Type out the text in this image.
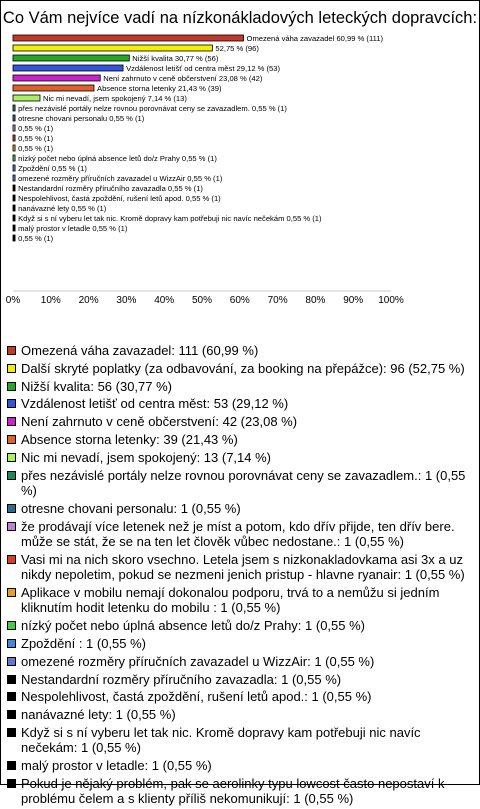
Co Vám nejvíce vadí na nízkonákladových leteckých dopravcích:
Omezená váha zavazadel 60,99 % (111)
52,75 % (96)
Nižší kvalita 30,77 % (56)
Vzdálenost letišť od centra měst 29,12 % (53)
Není zahrnuto v ceně občerstvení 23,08 % (42)
Absence storna letenky 21,43 % (39)
Nic mi nevadí, jsem spokojený 7,14 % (13)
přes nezávislé portály nelze rovnou porovnávat ceny se zavazadlem. 0,55 % (1)
otresne chovani personalu 0,55 % (1)
0,55 % (1)
0,55 % (1)
0,55 % (1)
nízký počet nebo úplná absence letů do/z Prahy 0,55 % (1)
Zpoždění 0,55 % (1)
omezené rozměry příručních zavazadel u WizzAir 0,55 % (1)
Nestandardní rozměry příručního zavazadla 0,55 % (1)
Nespolehlivost, častá zpoždění, rušení letů apod. 0,55 % (1)
nanávazné lety 0,55 % (1)
Když si s ní vyberu let tak nic. Kromě dopravy kam potřebuji nic navíc nečekám 0,55 % (1)
malý prostor v letadle 0,55 % (1)
0,55 % (1)
0% 10% 20% 30% 40% 50% 60% 70% 80% 90% 100%
Omezená váha zavazadel: 111 (60,99 %)
Další skryté poplatky (za odbavování, za booking na přepážce): 96 (52,75 %)
Nižší kvalita: 56 (30,77 %)
Vzdálenost letišť od centra měst: 53 (29,12 %)
Není zahrnuto v ceně občerstvení: 42 (23,08 %)
Absence storna letenky: 39 (21,43 %)
Nic mi nevadí, jsem spokojený: 13 (7,14 %)
přes nezávislé portály nelze rovnou porovnávat ceny se zavazadlem.: 1 (0,55 %)
otresne chovani personalu: 1 (0,55 %)
že prodávají více letenek než je míst a potom, kdo dřív přijde, ten dřív bere. může se stát, že se na ten let člověk vůbec nedostane.: 1 (0,55 %)
Vasi mi na nich skoro vsechno. Letela jsem s nizkonakladovkama asi 3x a uz nikdy nepoletim, pokud se nezmeni jenich pristup - hlavne ryanair: 1 (0,55 %)
Aplikace v mobilu nemají dokonalou podporu, trvá to a nemůžu si jedním kliknutím hodit letenku do mobilu : 1 (0,55 %)
nízký počet nebo úplná absence letů do/z Prahy: 1 (0,55 %)
Zpoždění : 1 (0,55 %)
omezené rozměry příručních zavazadel u WizzAir: 1 (0,55 %)
Nestandardní rozměry příručního zavazadla: 1 (0,55 %)
Nespolehlivost, častá zpoždění, rušení letů apod.: 1 (0,55 %)
nanávazné lety: 1 (0,55 %)
Když si s ní vyberu let tak nic. Kromě dopravy kam potřebuji nic navíc nečekám: 1 (0,55 %)
malý prostor v letadle: 1 (0,55 %)
Pokud je nějaký problém, pak se aerolinky typu lowcost často nepostaví k problému čelem a s klienty příliš nekomunikují: 1 (0,55 %)
